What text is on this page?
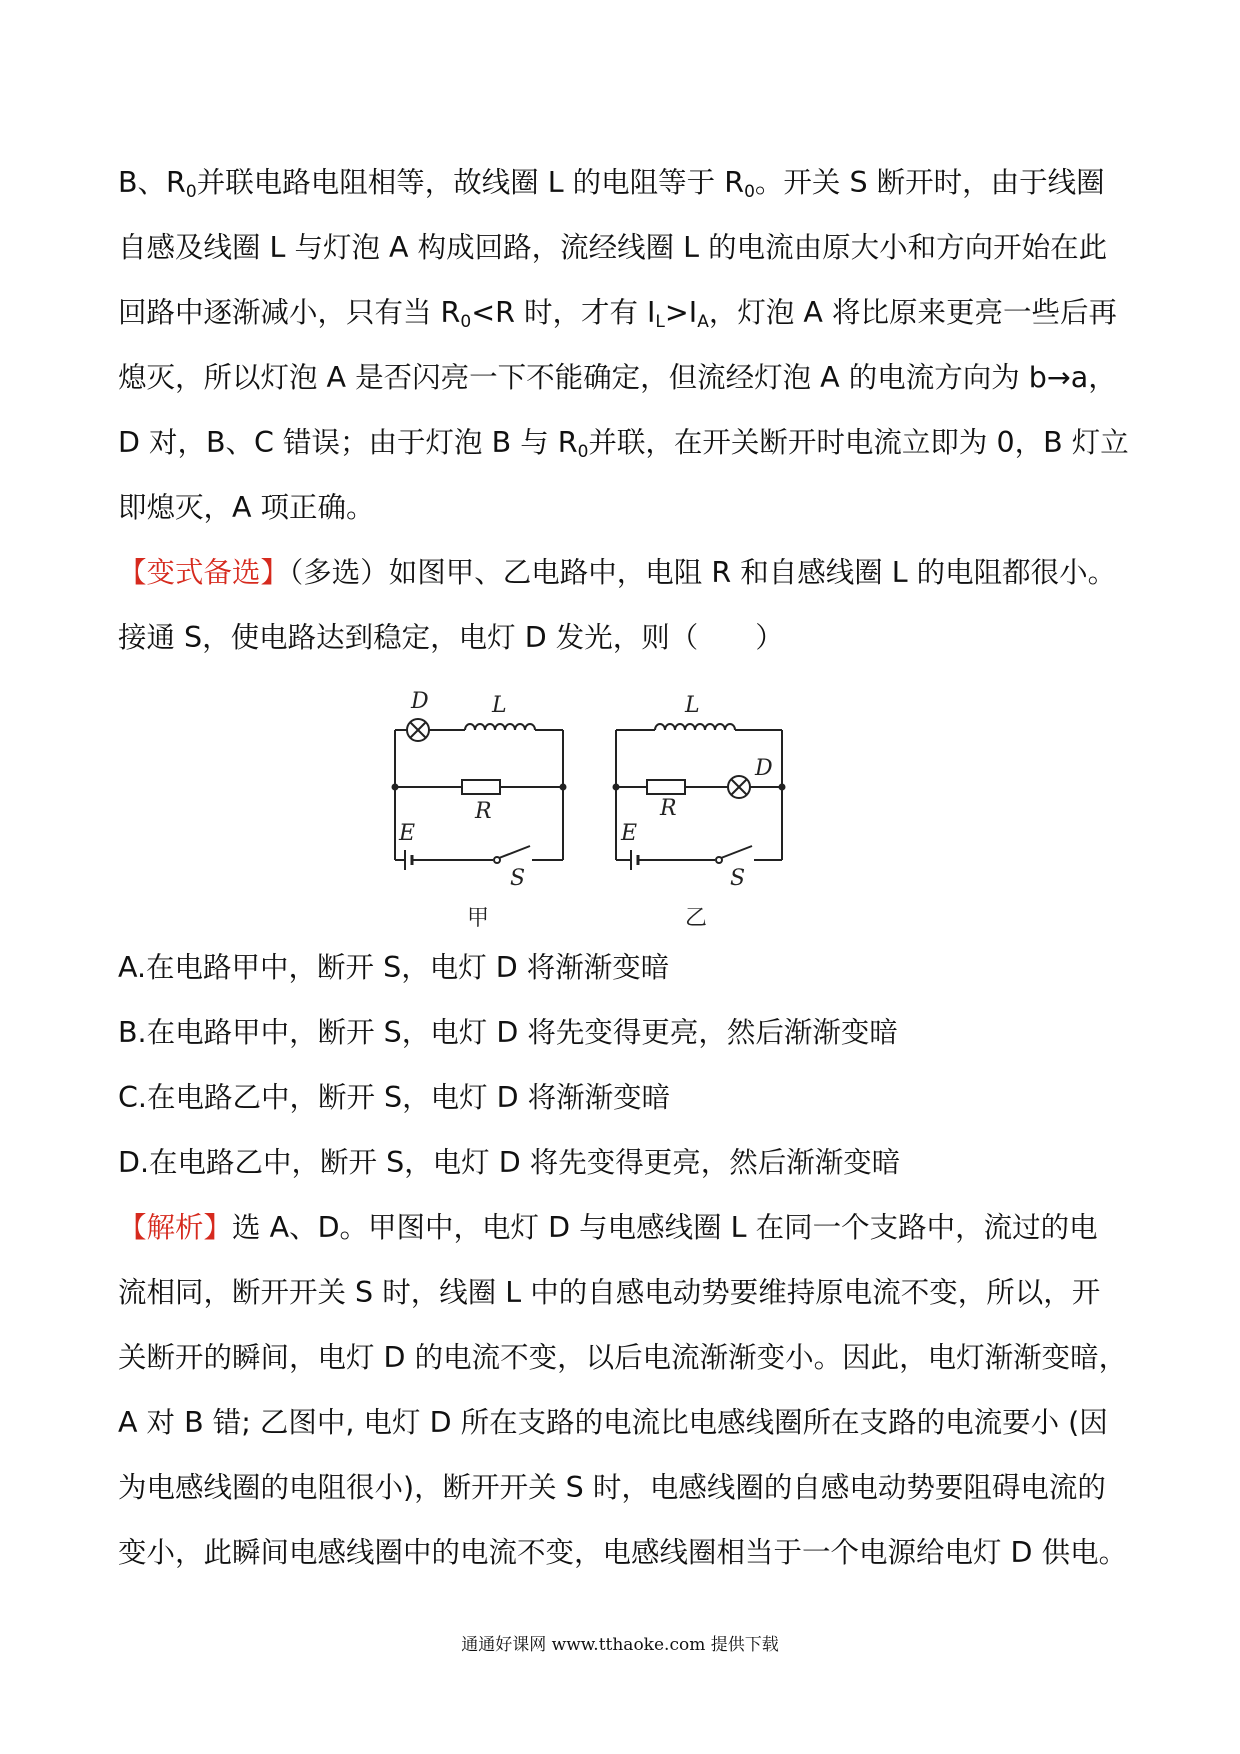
B、$R_0$并联电路电阻相等，故线圈 L 的电阻等于 $R_0$。开关 S 断开时，由于线圈
自感及线圈 L 与灯泡 A 构成回路，流经线圈 L 的电流由原大小和方向开始在此
回路中逐渐减小，只有当 $R_0<R$ 时，才有 $I_L>I_A$，灯泡 A 将比原来更亮一些后再
熄灭，所以灯泡 A 是否闪亮一下不能确定，但流经灯泡 A 的电流方向为 b→a，
D 对，B、C 错误；由于灯泡 B 与 $R_0$并联，在开关断开时电流立即为 0，B 灯立
即熄灭，A 项正确。
【变式备选】（多选）如图甲、乙电路中，电阻 R 和自感线圈 L 的电阻都很小。
接通 S，使电路达到稳定，电灯 D 发光，则（　　）
D	L
R
E
S
甲
L
D
R
E
S
乙
A.在电路甲中，断开 S，电灯 D 将渐渐变暗
B.在电路甲中，断开 S，电灯 D 将先变得更亮，然后渐渐变暗
C.在电路乙中，断开 S，电灯 D 将渐渐变暗
D.在电路乙中，断开 S，电灯 D 将先变得更亮，然后渐渐变暗
【解析】选 A、D。甲图中，电灯 D 与电感线圈 L 在同一个支路中，流过的电
流相同，断开开关 S 时，线圈 L 中的自感电动势要维持原电流不变，所以，开
关断开的瞬间，电灯 D 的电流不变，以后电流渐渐变小。因此，电灯渐渐变暗，
A 对 B 错; 乙图中, 电灯 D 所在支路的电流比电感线圈所在支路的电流要小 (因
为电感线圈的电阻很小)，断开开关 S 时，电感线圈的自感电动势要阻碍电流的
变小，此瞬间电感线圈中的电流不变，电感线圈相当于一个电源给电灯 D 供电。
通通好课网 www.tthaoke.com 提供下载
